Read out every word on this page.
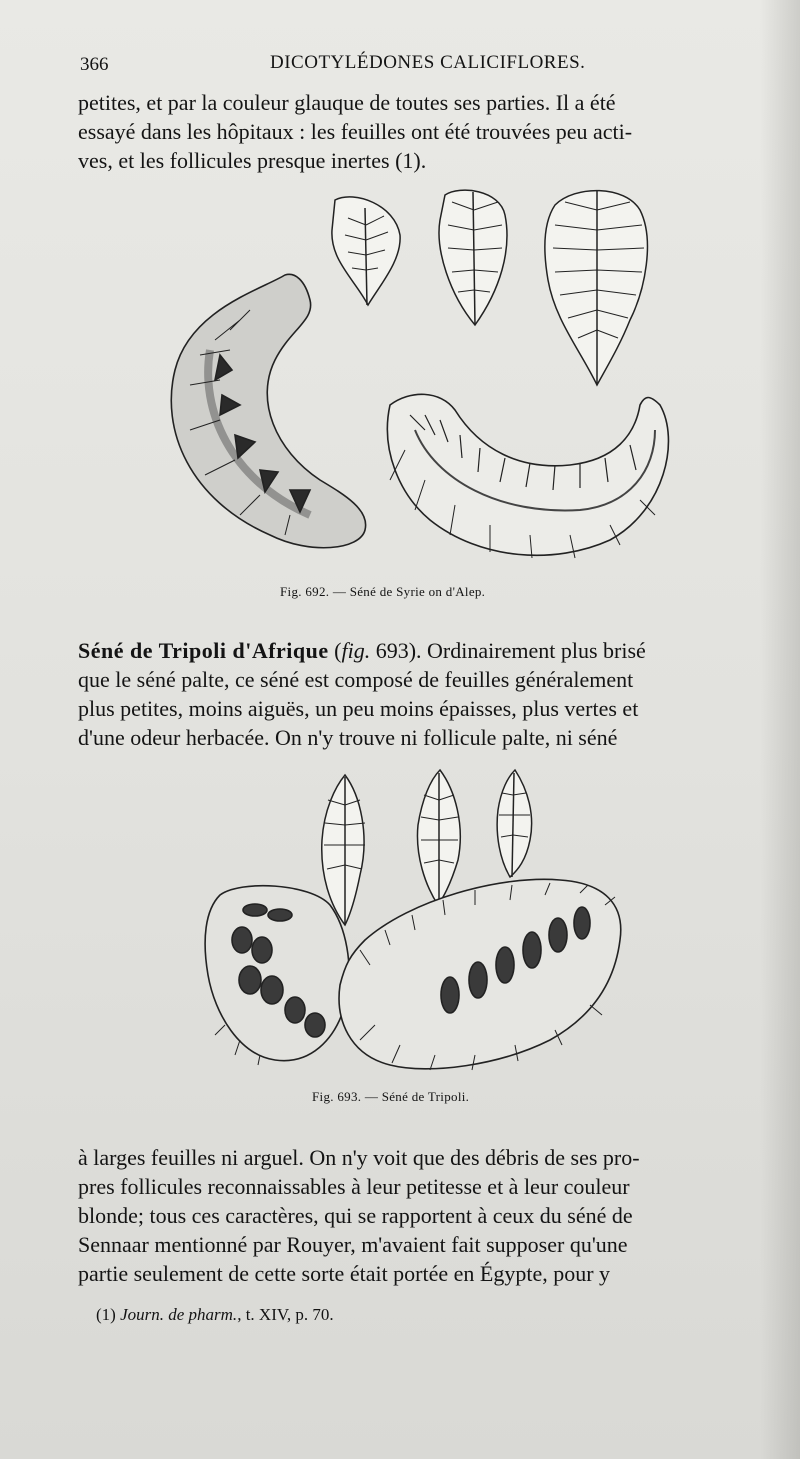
366	DICOTYLÉDONES CALICIFLORES.
petites, et par la couleur glauque de toutes ses parties. Il a été
essayé dans les hôpitaux : les feuilles ont été trouvées peu acti-
ves, et les follicules presque inertes (1).
Fig. 692. — Séné de Syrie on d'Alep.
Séné de Tripoli d'Afrique (fig. 693). Ordinairement plus brisé
que le séné palte, ce séné est composé de feuilles généralement
plus petites, moins aiguës, un peu moins épaisses, plus vertes et
d'une odeur herbacée. On n'y trouve ni follicule palte, ni séné
Fig. 693. — Séné de Tripoli.
à larges feuilles ni arguel. On n'y voit que des débris de ses pro-
pres follicules reconnaissables à leur petitesse et à leur couleur
blonde; tous ces caractères, qui se rapportent à ceux du séné de
Sennaar mentionné par Rouyer, m'avaient fait supposer qu'une
partie seulement de cette sorte était portée en Égypte, pour y
(1) Journ. de pharm., t. XIV, p. 70.
